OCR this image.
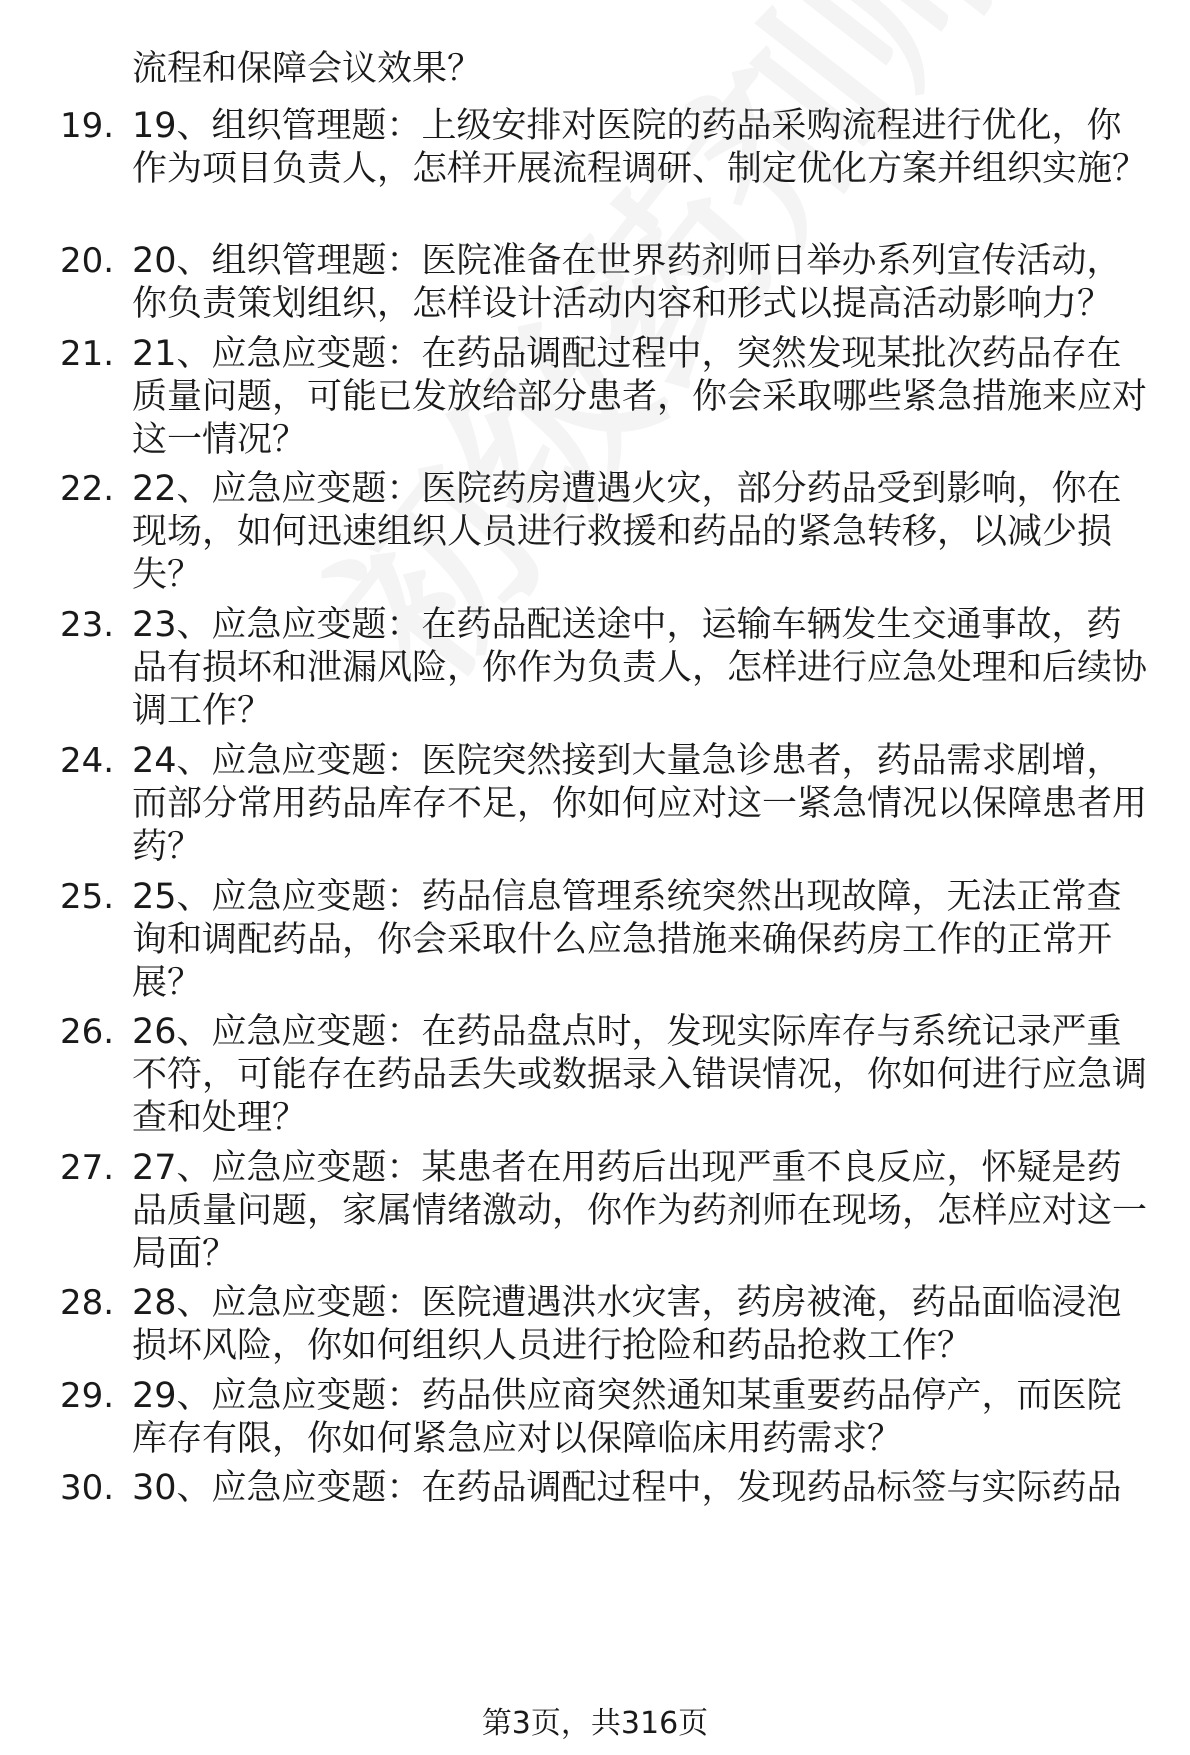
流程和保障会议效果？
19. 19、组织管理题：上级安排对医院的药品采购流程进行优化，你作为项目负责人，怎样开展流程调研、制定优化方案并组织实施？
20. 20、组织管理题：医院准备在世界药剂师日举办系列宣传活动，你负责策划组织，怎样设计活动内容和形式以提高活动影响力？
21. 21、应急应变题：在药品调配过程中，突然发现某批次药品存在质量问题，可能已发放给部分患者，你会采取哪些紧急措施来应对这一情况？
22. 22、应急应变题：医院药房遭遇火灾，部分药品受到影响，你在现场，如何迅速组织人员进行救援和药品的紧急转移，以减少损失？
23. 23、应急应变题：在药品配送途中，运输车辆发生交通事故，药品有损坏和泄漏风险，你作为负责人，怎样进行应急处理和后续协调工作？
24. 24、应急应变题：医院突然接到大量急诊患者，药品需求剧增，而部分常用药品库存不足，你如何应对这一紧急情况以保障患者用药？
25. 25、应急应变题：药品信息管理系统突然出现故障，无法正常查询和调配药品，你会采取什么应急措施来确保药房工作的正常开展？
26. 26、应急应变题：在药品盘点时，发现实际库存与系统记录严重不符，可能存在药品丢失或数据录入错误情况，你如何进行应急调查和处理？
27. 27、应急应变题：某患者在用药后出现严重不良反应，怀疑是药品质量问题，家属情绪激动，你作为药剂师在现场，怎样应对这一局面？
28. 28、应急应变题：医院遭遇洪水灾害，药房被淹，药品面临浸泡损坏风险，你如何组织人员进行抢险和药品抢救工作？
29. 29、应急应变题：药品供应商突然通知某重要药品停产，而医院库存有限，你如何紧急应对以保障临床用药需求？
30. 30、应急应变题：在药品调配过程中，发现药品标签与实际药品
第3页，共316页
